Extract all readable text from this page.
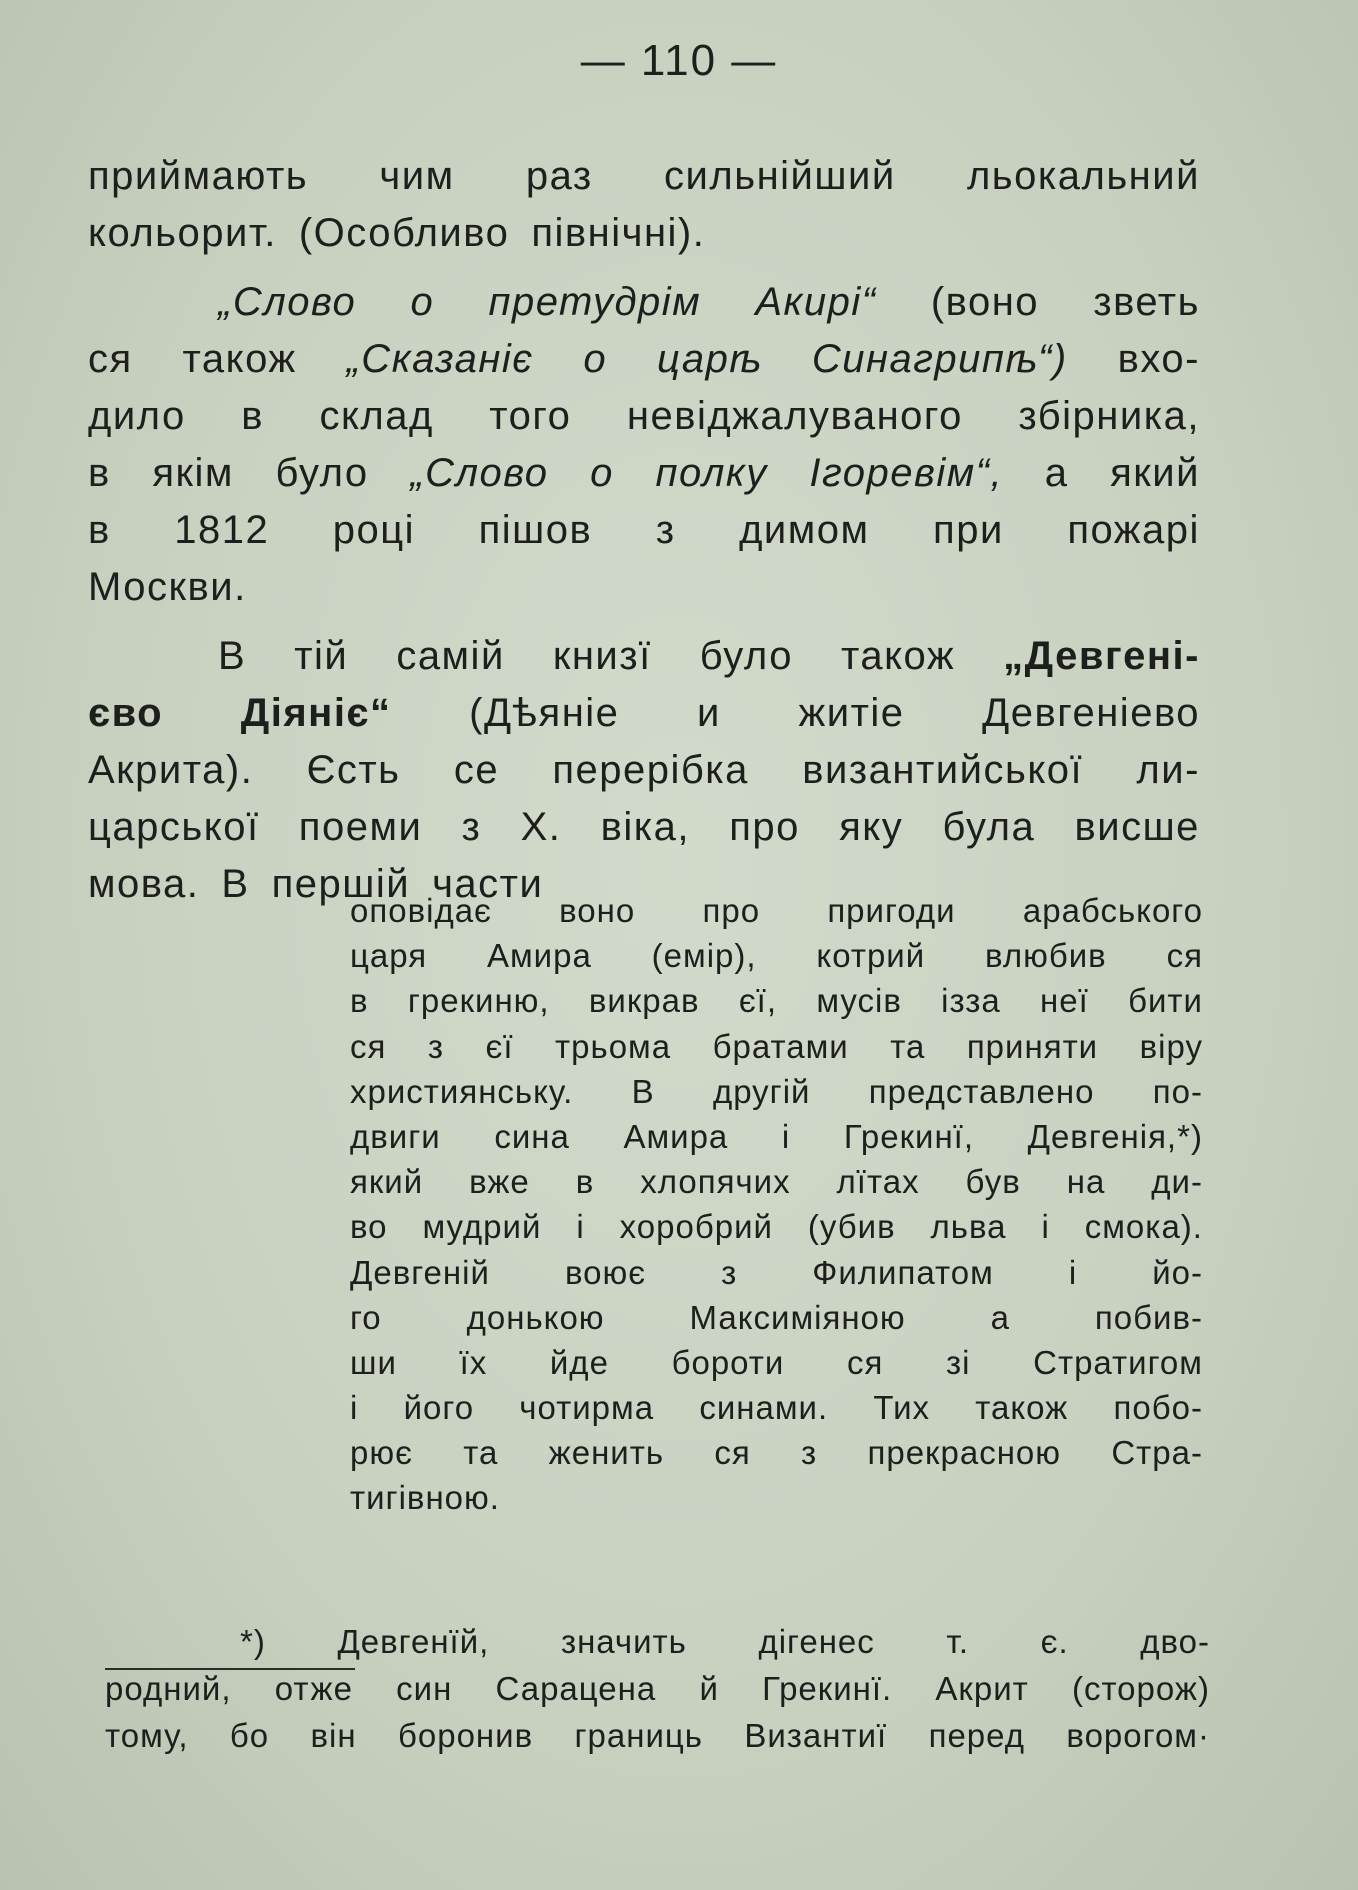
— 110 —
приймають чим раз сильнійший льокальний
кольорит. (Особливо північні).
„Слово о претудрім Акирі“ (воно зветь
ся також „Сказаніє о царѣ Синагрипѣ“) вхо-
дило в склад того невіджалуваного збірника,
в якім було „Слово о полку Ігоревім“, а який
в 1812 році пішов з димом при пожарі
Москви.
В тій самій книзї було також „Девгені-
єво Діяніє“ (Дѣяніе и житіе Девгеніево
Акрита). Єсть се перерібка византийської ли-
царської поеми з X. віка, про яку була висше
мова. В першій части
оповідає воно про пригоди арабського
царя Амира (емір), котрий влюбив ся
в грекиню, викрав єї, мусів ізза неї бити
ся з єї трьома братами та приняти віру
християнську. В другій представлено по-
двиги сина Амира і Грекинї, Девгенія,*)
який вже в хлопячих лїтах був на ди-
во мудрий і хоробрий (убив льва і смока).
Девгеній воює з Филипатом і йо-
го	донькою	Максиміяною	а	побив-
ши їх йде бороти ся зі Стратигом
і його чотирма синами. Тих також побо-
рює та женить ся з прекрасною Стра-
тигівною.
*) Девгенїй, значить дігенес т. є. дво-
родний, отже син Сарацена й Грекинї. Акрит (сторож)
тому, бо він боронив границь Византиї перед ворогом·
